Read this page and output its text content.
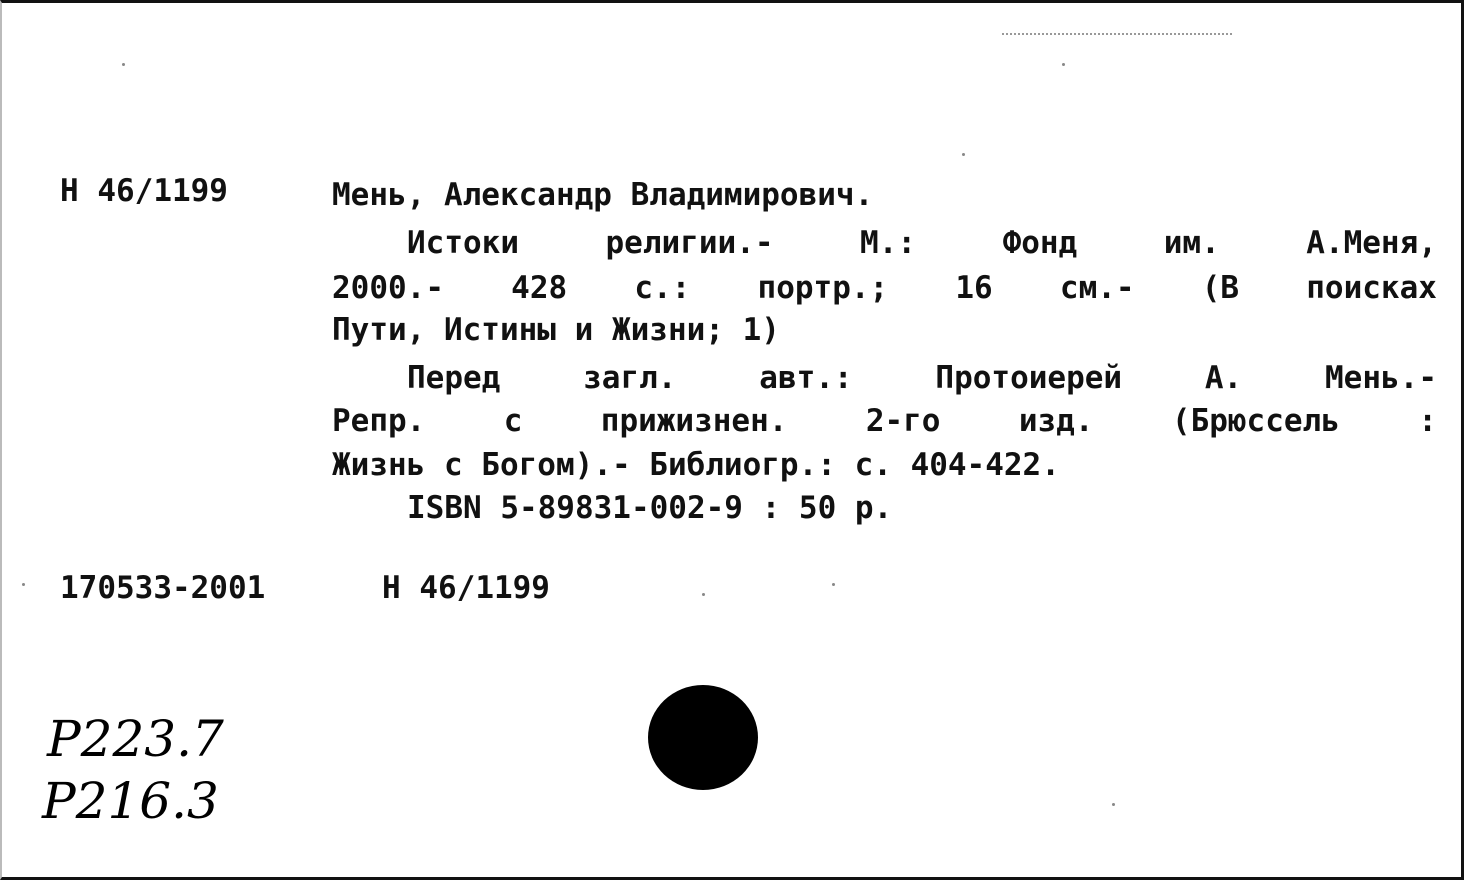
Н 46/1199	Мень, Александр Владимирович.
Истоки	религии.-	М.:	Фонд	им.	А.Меня,
2000.- 428 с.: портр.; 16 см.- (В поисках
Пути, Истины и Жизни; 1)
Перед	загл.	авт.:	Протоиерей	А.	Мень.-
Репр.	с	прижизнен.	2-го	изд.	(Брюссель	:
Жизнь с Богом).- Библиогр.: с. 404-422.
ISBN 5-89831-002-9 : 50 р.
170533-2001	Н 46/1199
Р223.7
Р216.3
